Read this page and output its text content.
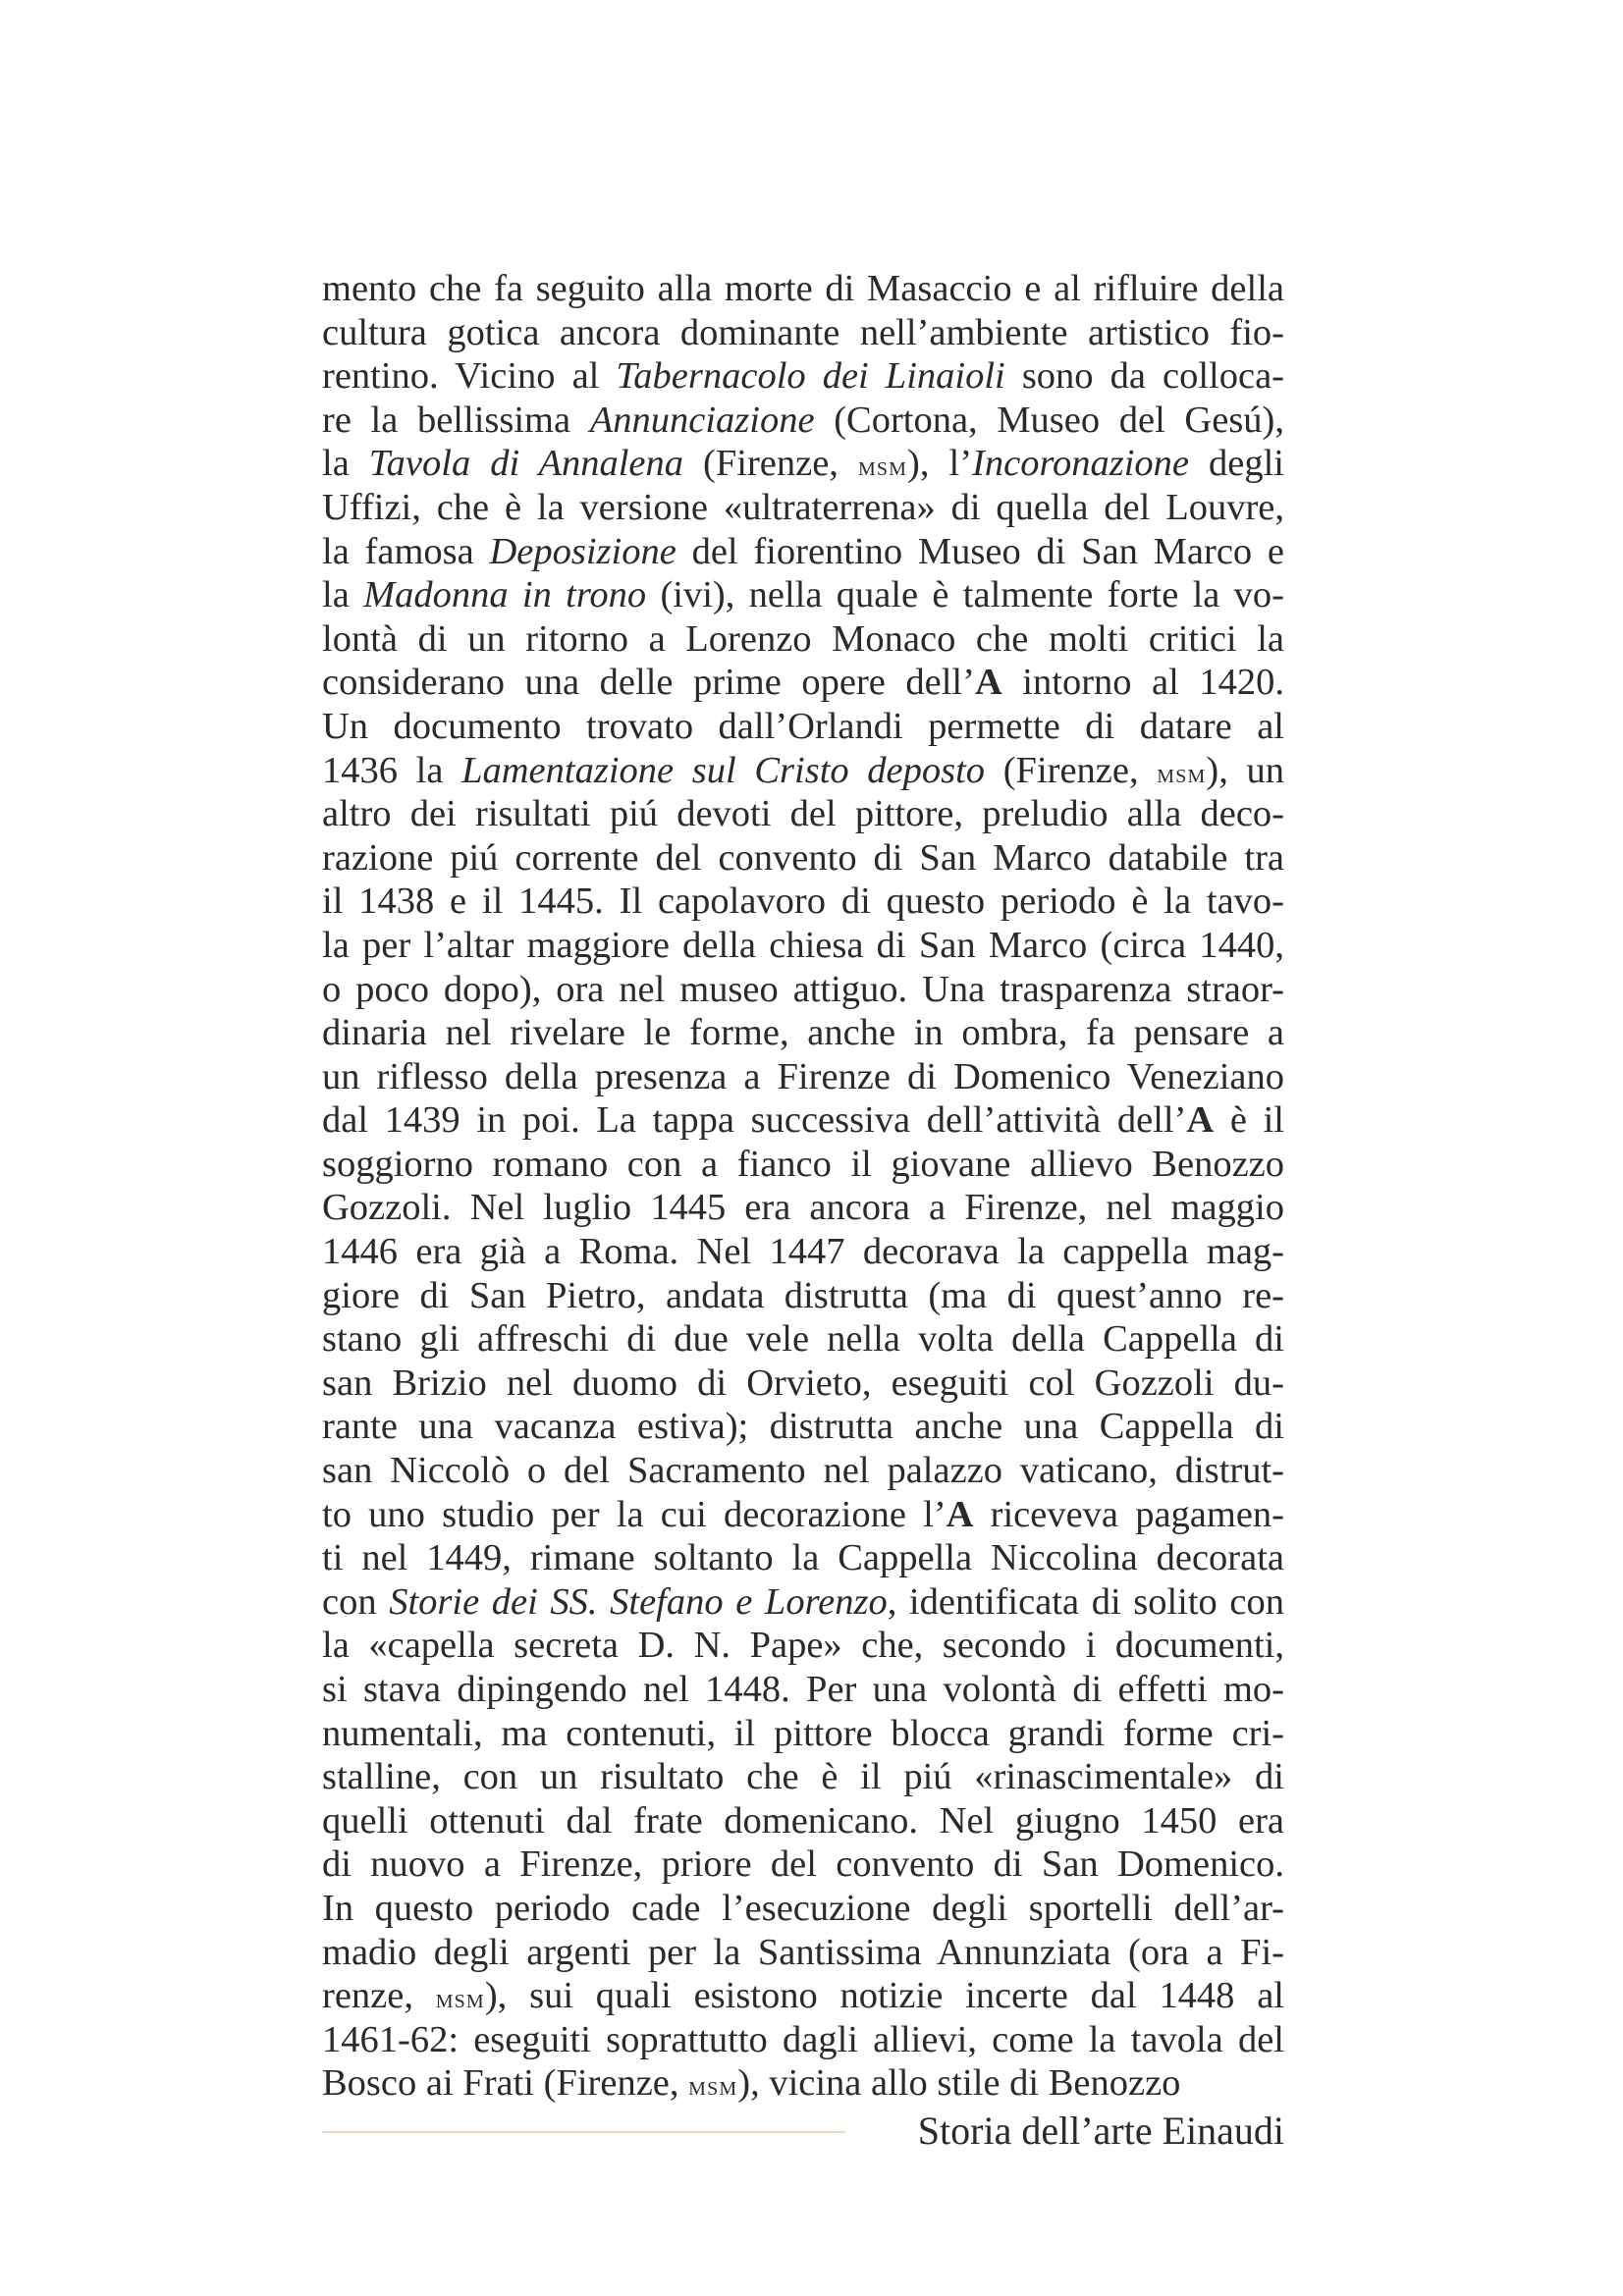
mento che fa seguito alla morte di Masaccio e al rifluire della
cultura gotica ancora dominante nell’ambiente artistico fio-
rentino. Vicino al Tabernacolo dei Linaioli sono da colloca-
re la bellissima Annunciazione (Cortona, Museo del Gesú),
la Tavola di Annalena (Firenze, msm), l’Incoronazione degli
Uffizi, che è la versione «ultraterrena» di quella del Louvre,
la famosa Deposizione del fiorentino Museo di San Marco e
la Madonna in trono (ivi), nella quale è talmente forte la vo-
lontà di un ritorno a Lorenzo Monaco che molti critici la
considerano una delle prime opere dell’A intorno al 1420.
Un documento trovato dall’Orlandi permette di datare al
1436 la Lamentazione sul Cristo deposto (Firenze, msm), un
altro dei risultati piú devoti del pittore, preludio alla deco-
razione piú corrente del convento di San Marco databile tra
il 1438 e il 1445. Il capolavoro di questo periodo è la tavo-
la per l’altar maggiore della chiesa di San Marco (circa 1440,
o poco dopo), ora nel museo attiguo. Una trasparenza straor-
dinaria nel rivelare le forme, anche in ombra, fa pensare a
un riflesso della presenza a Firenze di Domenico Veneziano
dal 1439 in poi. La tappa successiva dell’attività dell’A è il
soggiorno romano con a fianco il giovane allievo Benozzo
Gozzoli. Nel luglio 1445 era ancora a Firenze, nel maggio
1446 era già a Roma. Nel 1447 decorava la cappella mag-
giore di San Pietro, andata distrutta (ma di quest’anno re-
stano gli affreschi di due vele nella volta della Cappella di
san Brizio nel duomo di Orvieto, eseguiti col Gozzoli du-
rante una vacanza estiva); distrutta anche una Cappella di
san Niccolò o del Sacramento nel palazzo vaticano, distrut-
to uno studio per la cui decorazione l’A riceveva pagamen-
ti nel 1449, rimane soltanto la Cappella Niccolina decorata
con Storie dei SS. Stefano e Lorenzo, identificata di solito con
la «capella secreta D. N. Pape» che, secondo i documenti,
si stava dipingendo nel 1448. Per una volontà di effetti mo-
numentali, ma contenuti, il pittore blocca grandi forme cri-
stalline, con un risultato che è il piú «rinascimentale» di
quelli ottenuti dal frate domenicano. Nel giugno 1450 era
di nuovo a Firenze, priore del convento di San Domenico.
In questo periodo cade l’esecuzione degli sportelli dell’ar-
madio degli argenti per la Santissima Annunziata (ora a Fi-
renze, msm), sui quali esistono notizie incerte dal 1448 al
1461-62: eseguiti soprattutto dagli allievi, come la tavola del
Bosco ai Frati (Firenze, msm), vicina allo stile di Benozzo
Storia dell’arte Einaudi
